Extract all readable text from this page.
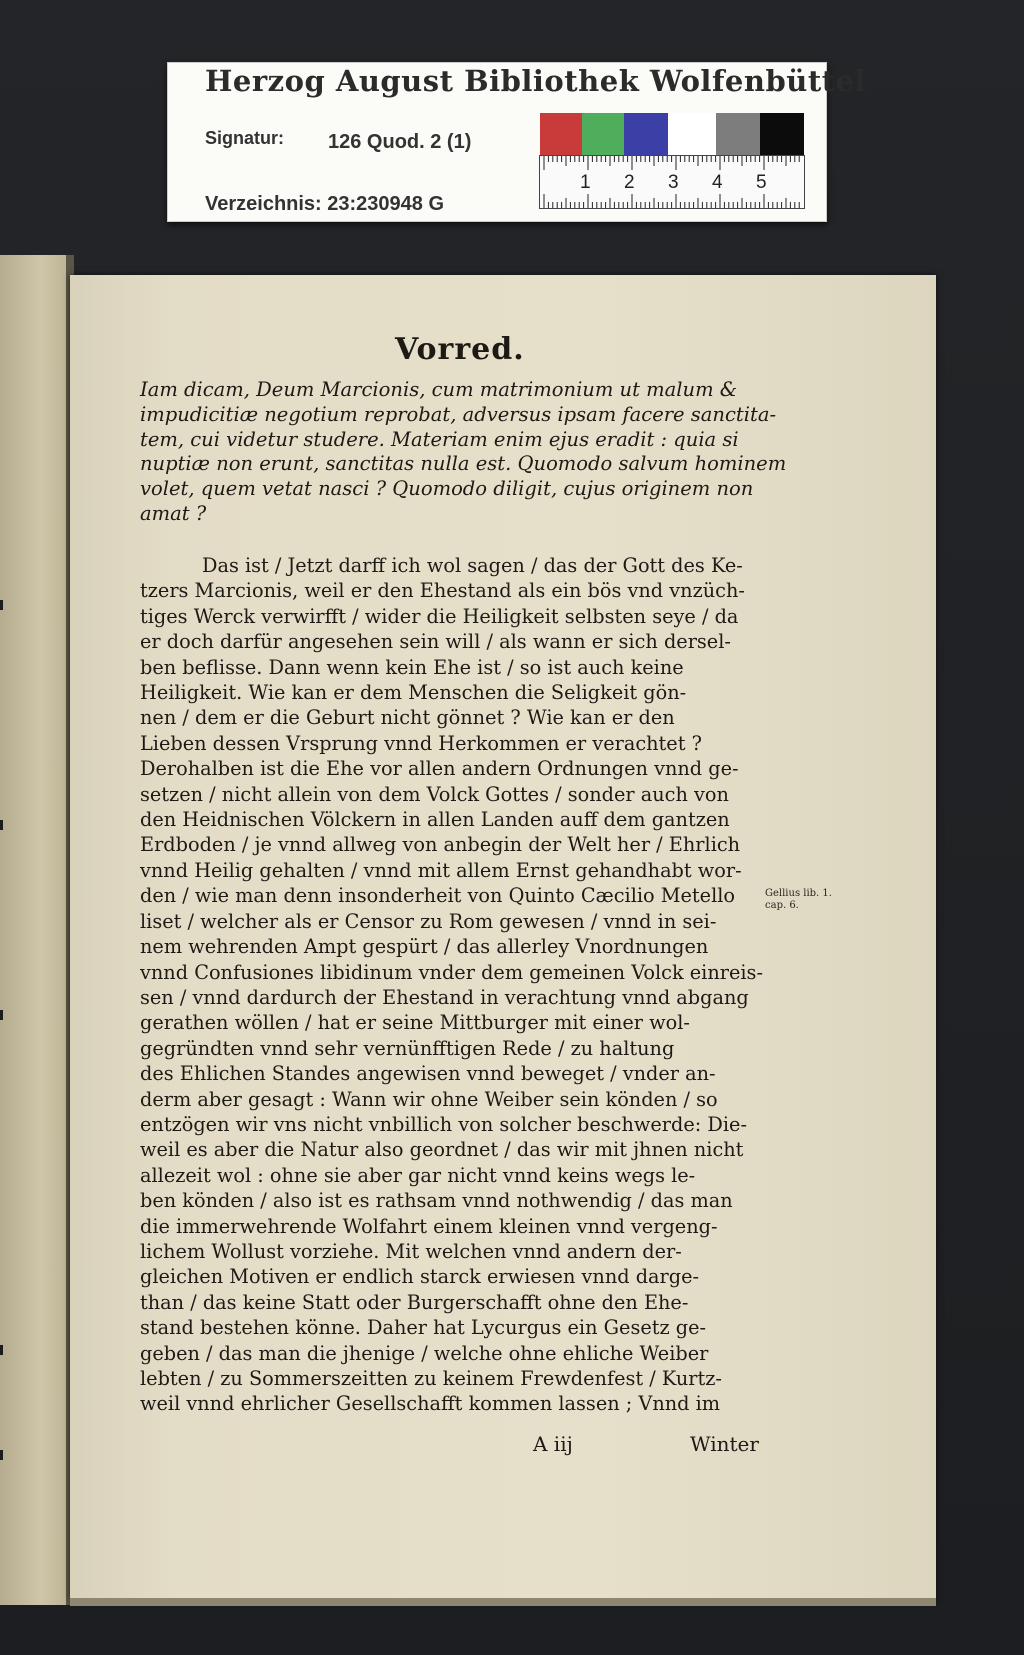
Herzog August Bibliothek Wolfenbüttel
Signatur: 126 Quod. 2 (1)
Verzeichnis: 23:230948 G
1 2 3 4 5
Vorred.
Iam dicam, Deum Marcionis, cum matrimonium ut malum &
impudicitiæ negotium reprobat, adversus ipsam facere sanctita-
tem, cui videtur studere. Materiam enim ejus eradit : quia si
nuptiæ non erunt, sanctitas nulla est. Quomodo salvum hominem
volet, quem vetat nasci ? Quomodo diligit, cujus originem non
amat ?
Das ist / Jetzt darff ich wol sagen / das der Gott des Ke-
tzers Marcionis, weil er den Ehestand als ein bös vnd vnzüch-
tiges Werck verwirfft / wider die Heiligkeit selbsten seye / da
er doch darfür angesehen sein will / als wann er sich dersel-
ben beflisse. Dann wenn kein Ehe ist / so ist auch keine
Heiligkeit. Wie kan er dem Menschen die Seligkeit gön-
nen / dem er die Geburt nicht gönnet ? Wie kan er den
Lieben dessen Vrsprung vnnd Herkommen er verachtet ?
Derohalben ist die Ehe vor allen andern Ordnungen vnnd ge-
setzen / nicht allein von dem Volck Gottes / sonder auch von
den Heidnischen Völckern in allen Landen auff dem gantzen
Erdboden / je vnnd allweg von anbegin der Welt her / Ehrlich
vnnd Heilig gehalten / vnnd mit allem Ernst gehandhabt wor-
den / wie man denn insonderheit von Quinto Cæcilio Metello
liset / welcher als er Censor zu Rom gewesen / vnnd in sei-
nem wehrenden Ampt gespürt / das allerley Vnordnungen
vnnd Confusiones libidinum vnder dem gemeinen Volck einreis-
sen / vnnd dardurch der Ehestand in verachtung vnnd abgang
gerathen wöllen / hat er seine Mittburger mit einer wol-
gegründten vnnd sehr vernünfftigen Rede / zu haltung
des Ehlichen Standes angewisen vnnd beweget / vnder an-
derm aber gesagt : Wann wir ohne Weiber sein könden / so
entzögen wir vns nicht vnbillich von solcher beschwerde: Die-
weil es aber die Natur also geordnet / das wir mit jhnen nicht
allezeit wol : ohne sie aber gar nicht vnnd keins wegs le-
ben könden / also ist es rathsam vnnd nothwendig / das man
die immerwehrende Wolfahrt einem kleinen vnnd vergeng-
lichem Wollust vorziehe. Mit welchen vnnd andern der-
gleichen Motiven er endlich starck erwiesen vnnd darge-
than / das keine Statt oder Burgerschafft ohne den Ehe-
stand bestehen könne. Daher hat Lycurgus ein Gesetz ge-
geben / das man die jhenige / welche ohne ehliche Weiber
lebten / zu Sommerszeitten zu keinem Frewdenfest / Kurtz-
weil vnnd ehrlicher Gesellschafft kommen lassen ; Vnnd im
Gellius lib. 1.
cap. 6.
A iij	Winter
